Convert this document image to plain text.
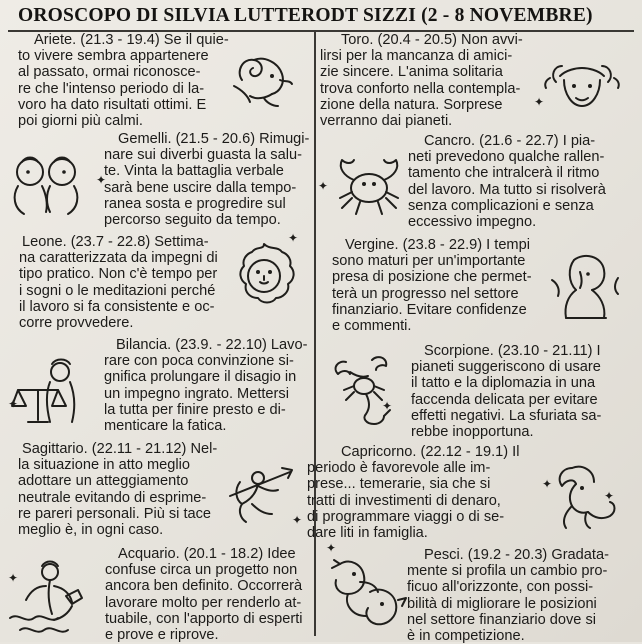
OROSCOPO DI SILVIA LUTTERODT SIZZI (2 - 8 NOVEMBRE)
Ariete. (21.3 - 19.4) Se il quie-
to vivere sembra appartenere
al passato, ormai riconosce-
re che l'intenso periodo di la-
voro ha dato risultati ottimi. E
poi giorni più calmi.
Toro. (20.4 - 20.5) Non avvi-
lirsi per la mancanza di amici-
zie sincere. L'anima solitaria
trova conforto nella contempla-
zione della natura. Sorprese
verranno dai pianeti.
✦
Gemelli. (21.5 - 20.6) Rimugi-
nare sui diverbi guasta la salu-
te. Vinta la battaglia verbale
sarà bene uscire dalla tempo-
ranea sosta e progredire sul
percorso seguito da tempo.
✦
Cancro. (21.6 - 22.7) I pia-
neti prevedono qualche rallen-
tamento che intralcerà il ritmo
del lavoro. Ma tutto si risolverà
senza complicazioni e senza
eccessivo impegno.
✦
Leone. (23.7 - 22.8) Settima-
na caratterizzata da impegni di
tipo pratico. Non c'è tempo per
i sogni o le meditazioni perché
il lavoro si fa consistente e oc-
corre provvedere.
✦	Vergine. (23.8 - 22.9) I tempi
sono maturi per un'importante
presa di posizione che permet-
terà un progresso nel settore
finanziario. Evitare confidenze
e commenti.
Bilancia. (23.9. - 22.10) Lavo-
rare con poca convinzione si-
gnifica prolungare il disagio in
un impegno ingrato. Mettersi
la tutta per finire presto e di-
menticare la fatica.
✦
Scorpione. (23.10 - 21.11) I
pianeti suggeriscono di usare
il tatto e la diplomazia in una
faccenda delicata per evitare
effetti negativi. La sfuriata sa-
rebbe inopportuna.
✦
Sagittario. (22.11 - 21.12) Nel-
la situazione in atto meglio
adottare un atteggiamento
neutrale evitando di esprime-
re pareri personali. Più si tace
meglio è, in ogni caso.
✦
Capricorno. (22.12 - 19.1) Il
periodo è favorevole alle im-
prese... temerarie, sia che si
tratti di investimenti di denaro,
di programmare viaggi o di se-
dare liti in famiglia.
✦
✦
Acquario. (20.1 - 18.2) Idee
confuse circa un progetto non
ancora ben definito. Occorrerà
lavorare molto per renderlo at-
tuabile, con l'apporto di esperti
e prove e riprove.
✦
Pesci. (19.2 - 20.3) Gradata-
mente si profila un cambio pro-
ficuo all'orizzonte, con possi-
bilità di migliorare le posizioni
nel settore finanziario dove si
è in competizione.
✦
